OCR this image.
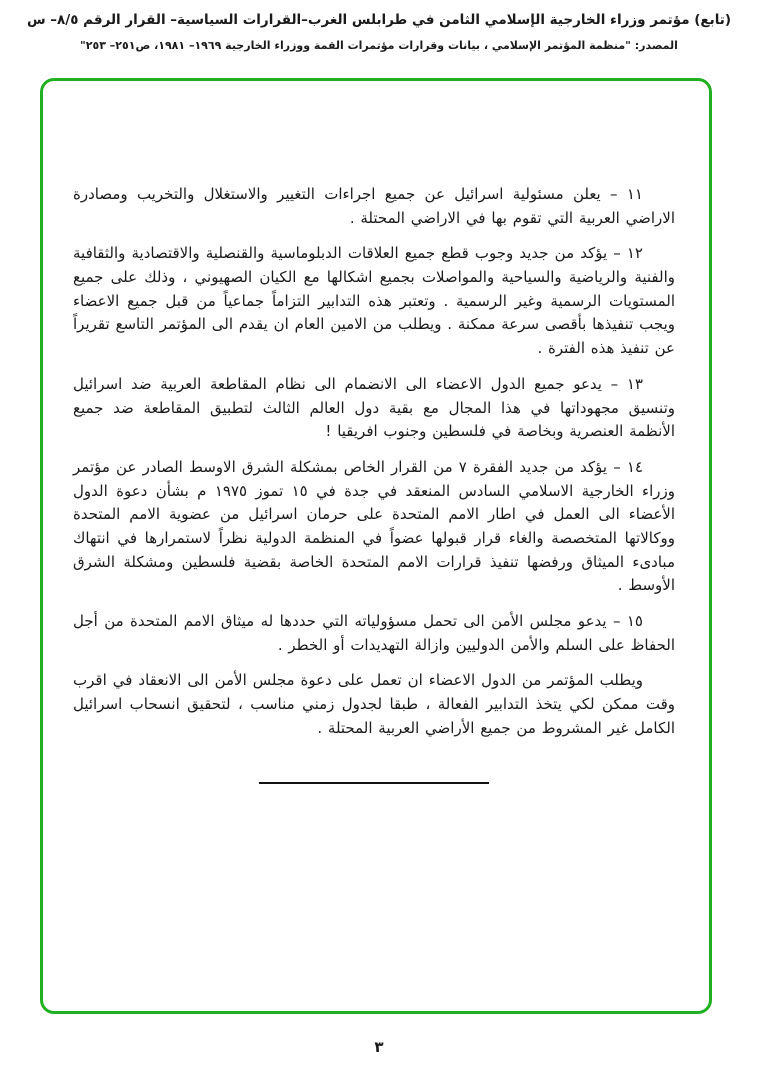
(تابع) مؤتمر وزراء الخارجية الإسلامي الثامن في طرابلس الغرب–القرارات السياسية– القرار الرقم ٨/٥– س
المصدر: "منظمة المؤتمر الإسلامي ، بيانات وقرارات مؤتمرات القمة ووزراء الخارجية ١٩٦٩– ١٩٨١، ص٢٥١– ٢٥٣"

١١ – يعلن مسئولية اسرائيل عن جميع اجراءات التغيير والاستغلال والتخريب ومصادرة الاراضي العربية التي تقوم بها في الاراضي المحتلة .

١٢ – يؤكد من جديد وجوب قطع جميع العلاقات الدبلوماسية والقنصلية والاقتصادية والثقافية والفنية والرياضية والسياحية والمواصلات بجميع اشكالها مع الكيان الصهيوني ، وذلك على جميع المستويات الرسمية وغير الرسمية . وتعتبر هذه التدابير التزاماً جماعياً من قبل جميع الاعضاء ويجب تنفيذها بأقصى سرعة ممكنة . ويطلب من الامين العام ان يقدم الى المؤتمر التاسع تقريراً عن تنفيذ هذه الفترة .

١٣ – يدعو جميع الدول الاعضاء الى الانضمام الى نظام المقاطعة العربية ضد اسرائيل وتنسيق مجهوداتها في هذا المجال مع بقية دول العالم الثالث لتطبيق المقاطعة ضد جميع الأنظمة العنصرية وبخاصة في فلسطين وجنوب افريقيا !

١٤ – يؤكد من جديد الفقرة ٧ من القرار الخاص بمشكلة الشرق الاوسط الصادر عن مؤتمر وزراء الخارجية الاسلامي السادس المنعقد في جدة في ١٥ تموز ١٩٧٥ م بشأن دعوة الدول الأعضاء الى العمل في اطار الامم المتحدة على حرمان اسرائيل من عضوية الامم المتحدة ووكالاتها المتخصصة والغاء قرار قبولها عضواً في المنظمة الدولية نظراً لاستمرارها في انتهاك مبادىء الميثاق ورفضها تنفيذ قرارات الامم المتحدة الخاصة بقضية فلسطين ومشكلة الشرق الأوسط .

١٥ – يدعو مجلس الأمن الى تحمل مسؤولياته التي حددها له ميثاق الامم المتحدة من أجل الحفاظ على السلم والأمن الدوليين وازالة التهديدات أو الخطر .

ويطلب المؤتمر من الدول الاعضاء ان تعمل على دعوة مجلس الأمن الى الانعقاد في اقرب وقت ممكن لكي يتخذ التدابير الفعالة ، طبقا لجدول زمني مناسب ، لتحقيق انسحاب اسرائيل الكامل غير المشروط من جميع الأراضي العربية المحتلة .

٣
